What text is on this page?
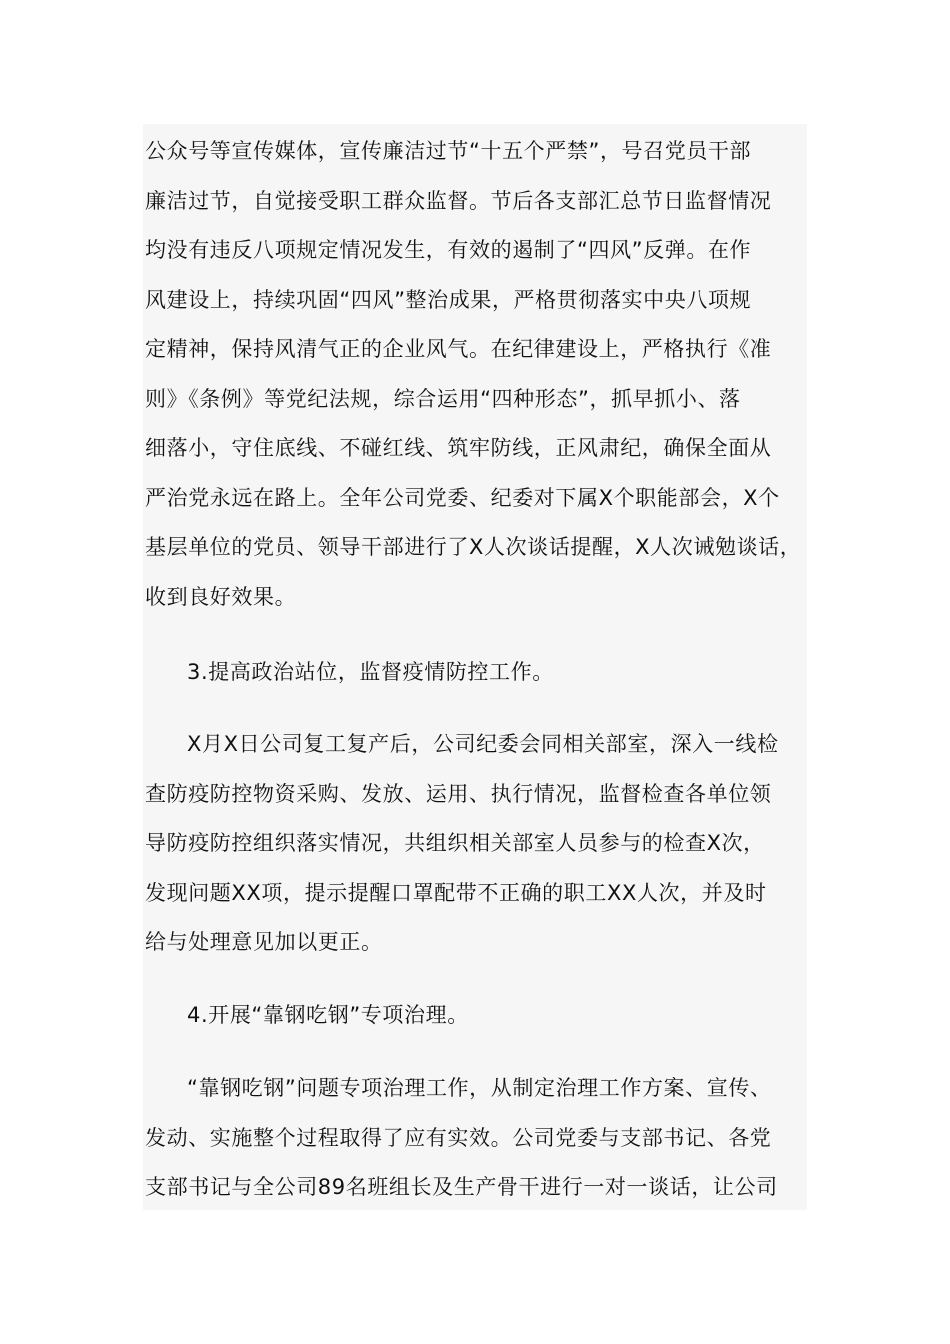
公众号等宣传媒体，宣传廉洁过节“十五个严禁”，号召党员干部
廉洁过节，自觉接受职工群众监督。节后各支部汇总节日监督情况
均没有违反八项规定情况发生，有效的遏制了“四风”反弹。在作
风建设上，持续巩固“四风”整治成果，严格贯彻落实中央八项规
定精神，保持风清气正的企业风气。在纪律建设上，严格执行《准
则》《条例》等党纪法规，综合运用“四种形态”，抓早抓小、落
细落小，守住底线、不碰红线、筑牢防线，正风肃纪，确保全面从
严治党永远在路上。全年公司党委、纪委对下属X个职能部会，X个
基层单位的党员、领导干部进行了X人次谈话提醒，X人次诫勉谈话，
收到良好效果。
3.提高政治站位，监督疫情防控工作。
X月X日公司复工复产后，公司纪委会同相关部室，深入一线检
查防疫防控物资采购、发放、运用、执行情况，监督检查各单位领
导防疫防控组织落实情况，共组织相关部室人员参与的检查X次，
发现问题XX项，提示提醒口罩配带不正确的职工XX人次，并及时
给与处理意见加以更正。
4.开展“靠钢吃钢”专项治理。
“靠钢吃钢”问题专项治理工作，从制定治理工作方案、宣传、
发动、实施整个过程取得了应有实效。公司党委与支部书记、各党
支部书记与全公司89名班组长及生产骨干进行一对一谈话，让公司
